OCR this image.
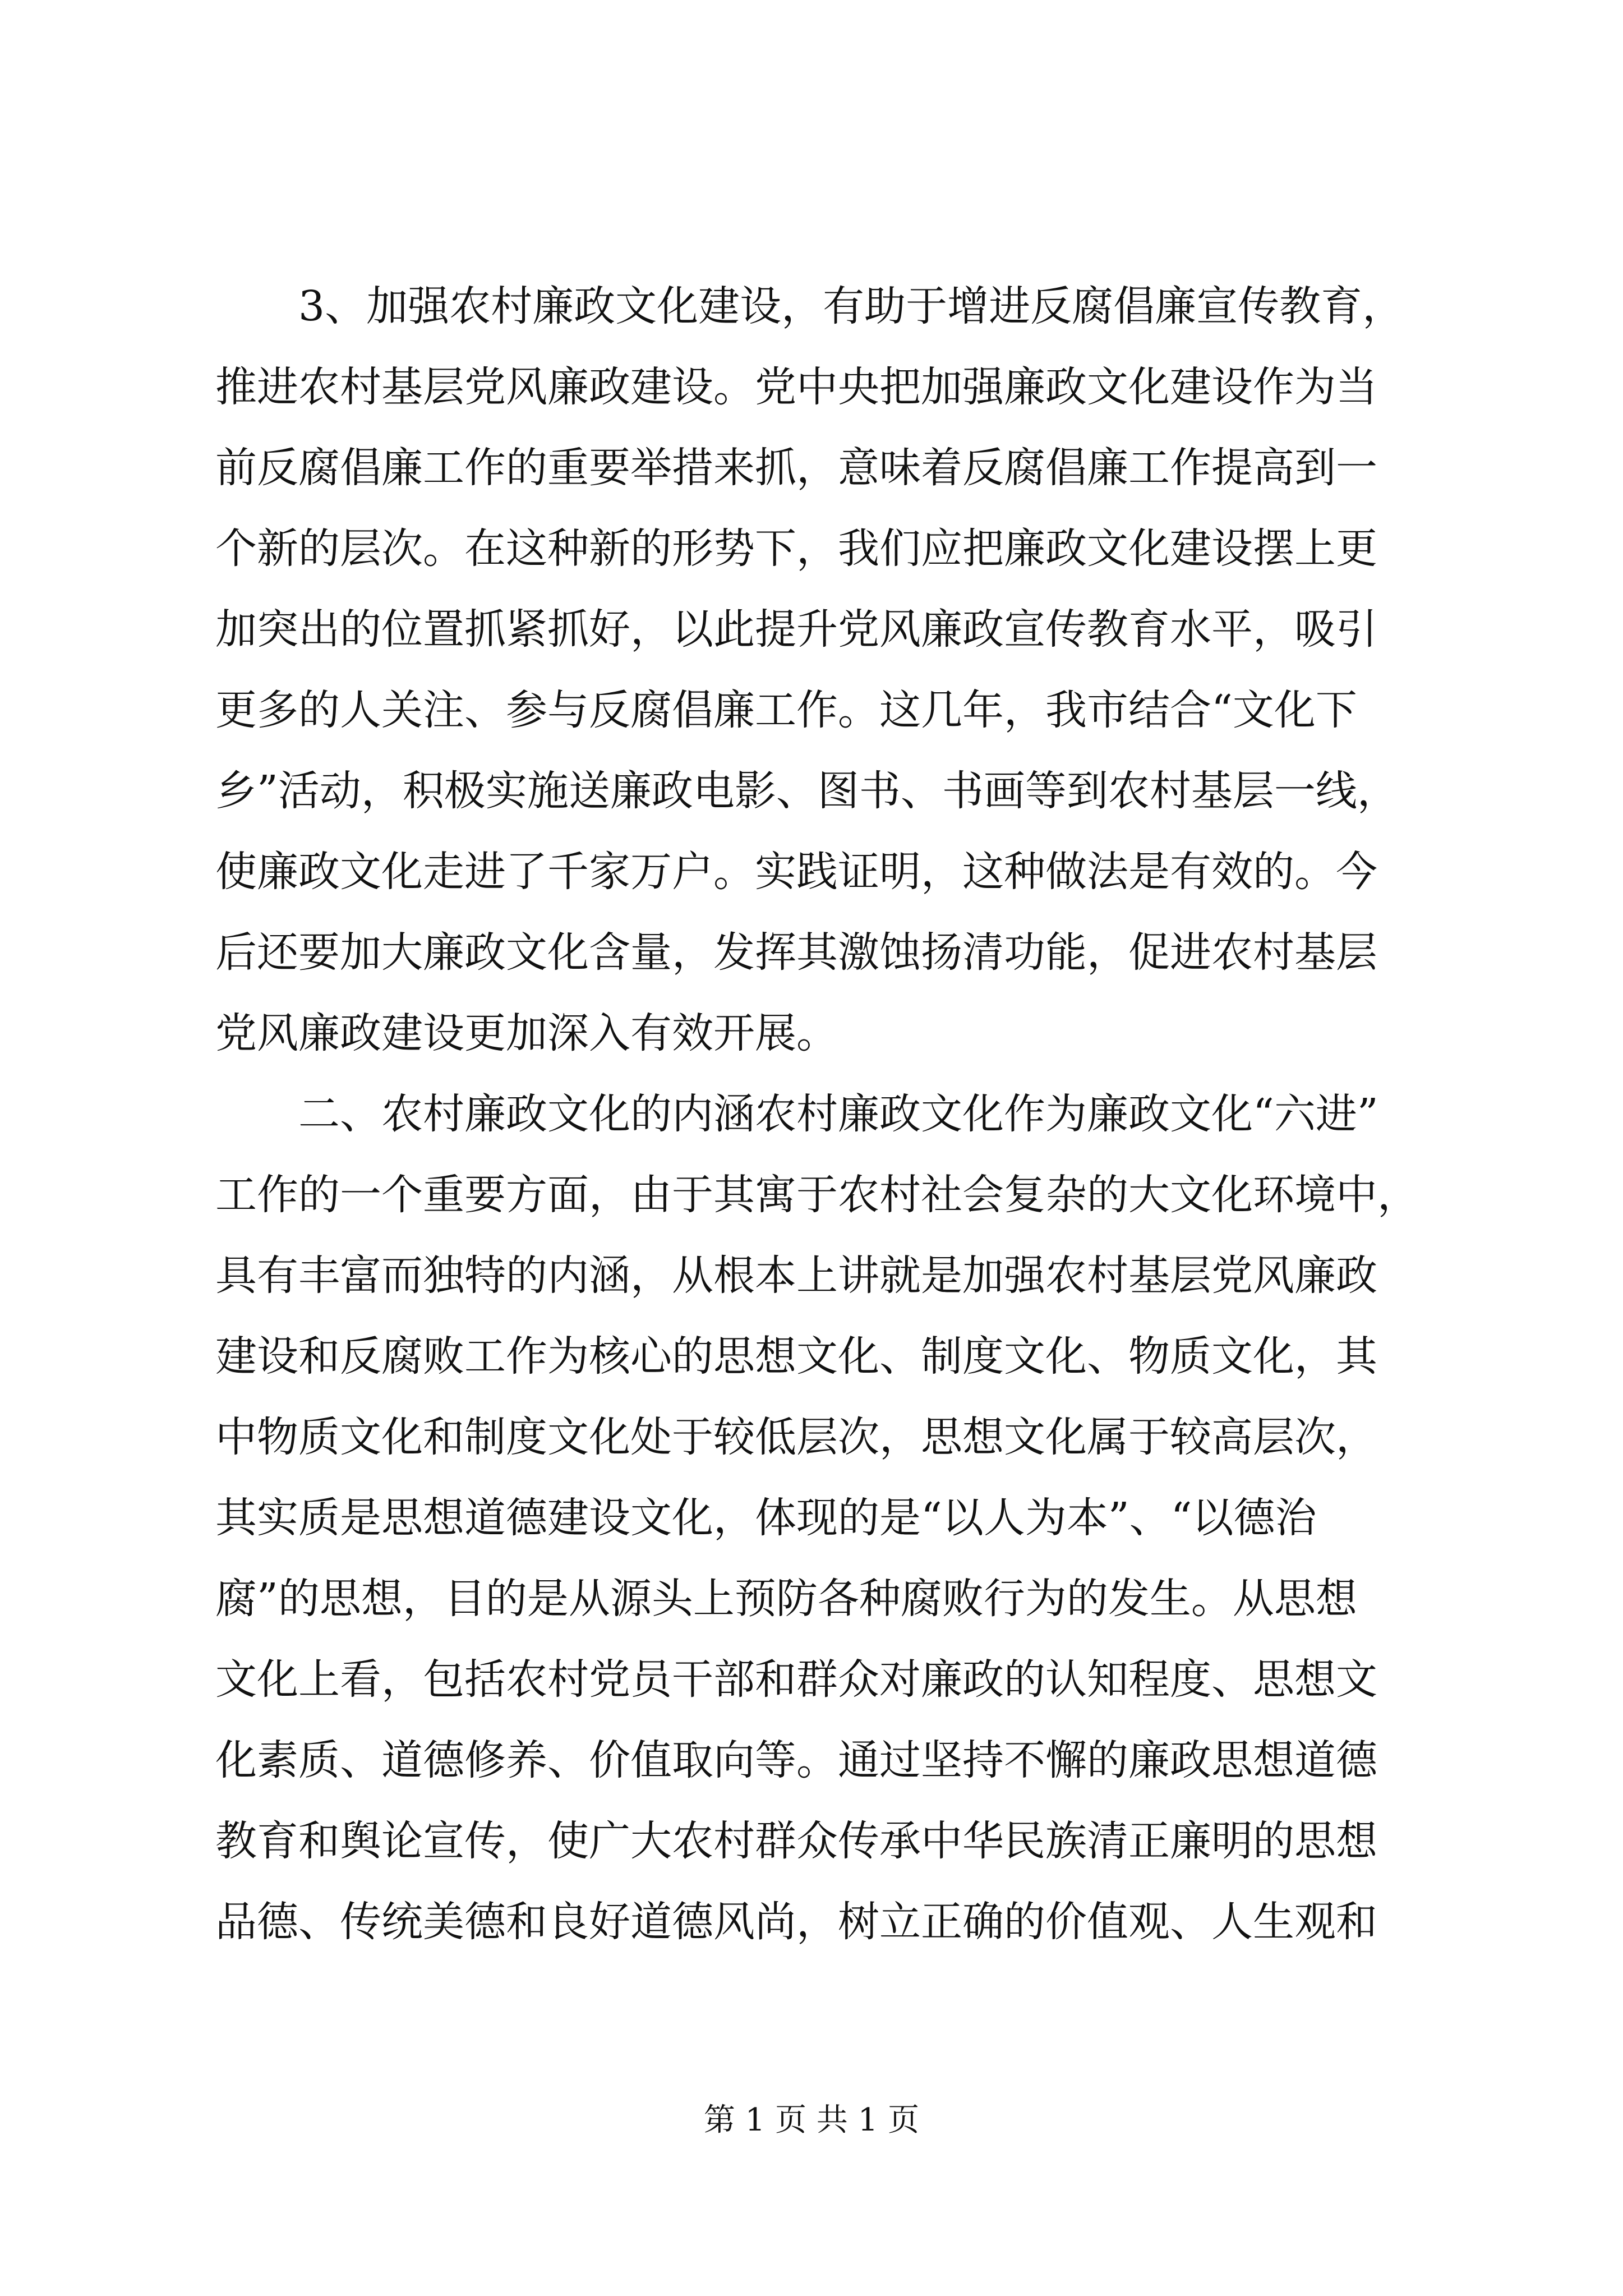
　　3、加强农村廉政文化建设，有助于增进反腐倡廉宣传教育，
推进农村基层党风廉政建设。党中央把加强廉政文化建设作为当
前反腐倡廉工作的重要举措来抓，意味着反腐倡廉工作提高到一
个新的层次。在这种新的形势下，我们应把廉政文化建设摆上更
加突出的位置抓紧抓好，以此提升党风廉政宣传教育水平，吸引
更多的人关注、参与反腐倡廉工作。这几年，我市结合“文化下
乡”活动，积极实施送廉政电影、图书、书画等到农村基层一线，
使廉政文化走进了千家万户。实践证明，这种做法是有效的。今
后还要加大廉政文化含量，发挥其激蚀扬清功能，促进农村基层
党风廉政建设更加深入有效开展。
　　二、农村廉政文化的内涵农村廉政文化作为廉政文化“六进”
工作的一个重要方面，由于其寓于农村社会复杂的大文化环境中，
具有丰富而独特的内涵，从根本上讲就是加强农村基层党风廉政
建设和反腐败工作为核心的思想文化、制度文化、物质文化，其
中物质文化和制度文化处于较低层次，思想文化属于较高层次，
其实质是思想道德建设文化，体现的是“以人为本”、“以德治
腐”的思想，目的是从源头上预防各种腐败行为的发生。从思想
文化上看，包括农村党员干部和群众对廉政的认知程度、思想文
化素质、道德修养、价值取向等。通过坚持不懈的廉政思想道德
教育和舆论宣传，使广大农村群众传承中华民族清正廉明的思想
品德、传统美德和良好道德风尚，树立正确的价值观、人生观和
第 1 页 共 1 页
